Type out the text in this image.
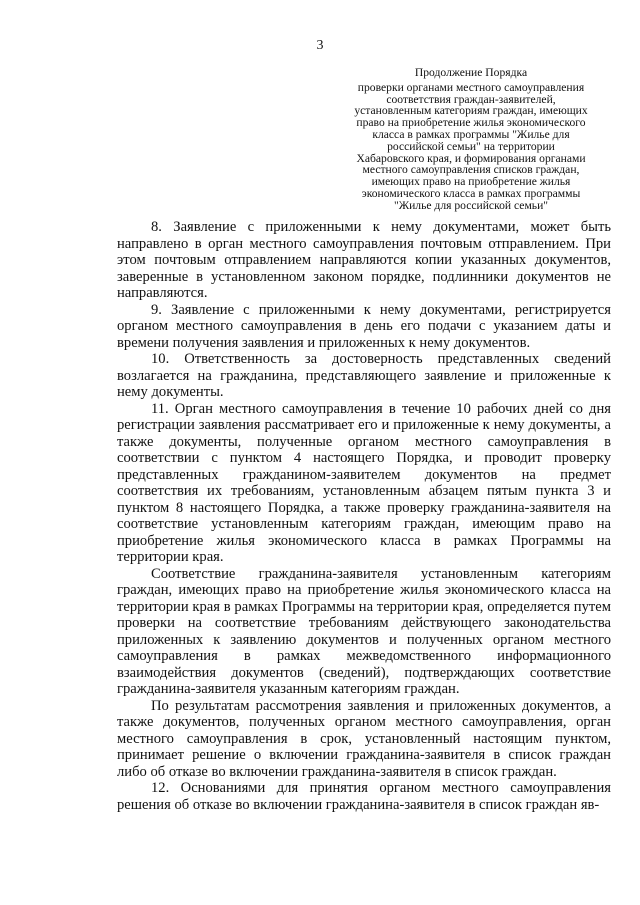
3
Продолжение Порядка
проверки органами местного самоуправления
соответствия граждан-заявителей,
установленным категориям граждан, имеющих
право на приобретение жилья экономического
класса в рамках программы "Жилье для
российской семьи" на территории
Хабаровского края, и формирования органами
местного самоуправления списков граждан,
имеющих право на приобретение жилья
экономического класса в рамках программы
"Жилье для российской семьи"

8. Заявление с приложенными к нему документами, может быть направлено в орган местного самоуправления почтовым отправлением. При этом почтовым отправлением направляются копии указанных документов, заверенные в установленном законом порядке, подлинники документов не направляются.

9. Заявление с приложенными к нему документами, регистрируется органом местного самоуправления в день его подачи с указанием даты и времени получения заявления и приложенных к нему документов.

10. Ответственность за достоверность представленных сведений возлагается на гражданина, представляющего заявление и приложенные к нему документы.

11. Орган местного самоуправления в течение 10 рабочих дней со дня регистрации заявления рассматривает его и приложенные к нему документы, а также документы, полученные органом местного самоуправления в соответствии с пунктом 4 настоящего Порядка, и проводит проверку представленных гражданином-заявителем документов на предмет соответствия их требованиям, установленным абзацем пятым пункта 3 и пунктом 8 настоящего Порядка, а также проверку гражданина-заявителя на соответствие установленным категориям граждан, имеющим право на приобретение жилья экономического класса в рамках Программы на территории края.

Соответствие гражданина-заявителя установленным категориям граждан, имеющих право на приобретение жилья экономического класса на территории края в рамках Программы на территории края, определяется путем проверки на соответствие требованиям действующего законодательства приложенных к заявлению документов и полученных органом местного самоуправления в рамках межведомственного информационного взаимодействия документов (сведений), подтверждающих соответствие гражданина-заявителя указанным категориям граждан.

По результатам рассмотрения заявления и приложенных документов, а также документов, полученных органом местного самоуправления, орган местного самоуправления в срок, установленный настоящим пунктом, принимает решение о включении гражданина-заявителя в список граждан либо об отказе во включении гражданина-заявителя в список граждан.

12. Основаниями для принятия органом местного самоуправления решения об отказе во включении гражданина-заявителя в список граждан яв-
